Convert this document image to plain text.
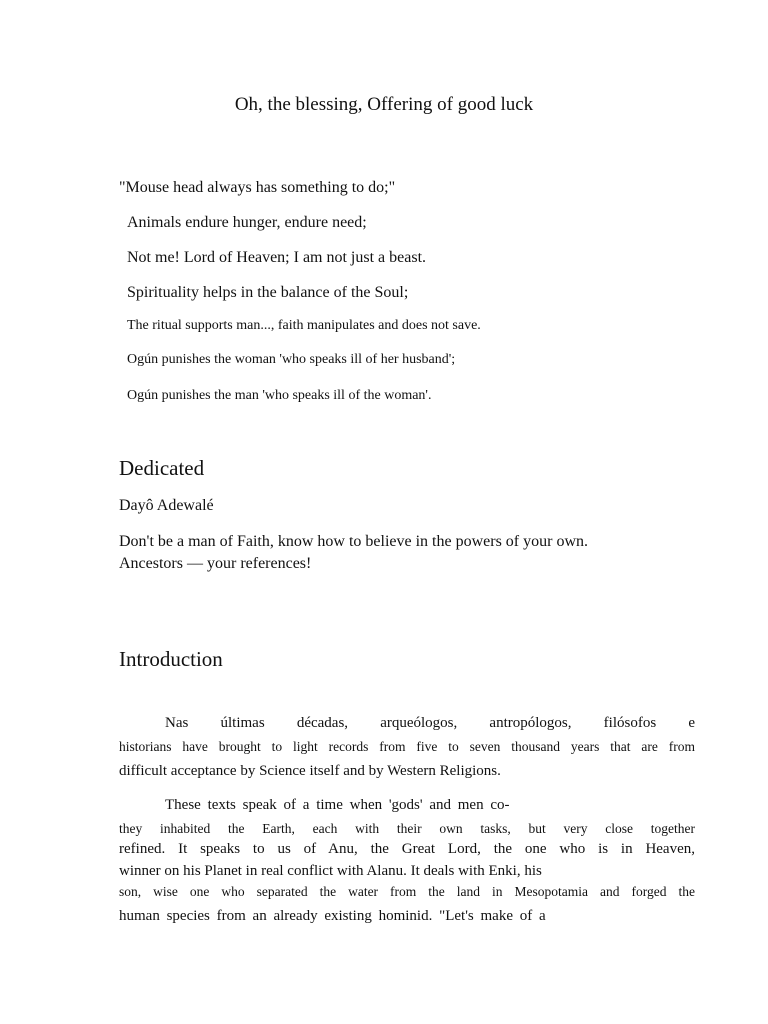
Oh, the blessing, Offering of good luck
"Mouse head always has something to do;"
Animals endure hunger, endure need;
Not me! Lord of Heaven; I am not just a beast.
Spirituality helps in the balance of the Soul;
The ritual supports man..., faith manipulates and does not save.
Ogún punishes the woman 'who speaks ill of her husband';
Ogún punishes the man 'who speaks ill of the woman'.
Dedicated
Dayô Adewalé
Don't be a man of Faith, know how to believe in the powers of your own.
Ancestors — your references!
Introduction
Nas últimas décadas, arqueólogos, antropólogos, filósofos e
historians have brought to light records from five to seven thousand years that are from
difficult acceptance by Science itself and by Western Religions.
These texts speak of a time when 'gods' and men co-
they inhabited the Earth, each with their own tasks, but very close together
refined. It speaks to us of Anu, the Great Lord, the one who is in Heaven,
winner on his Planet in real conflict with Alanu. It deals with Enki, his
son, wise one who separated the water from the land in Mesopotamia and forged the
human species from an already existing hominid. "Let's make of a
